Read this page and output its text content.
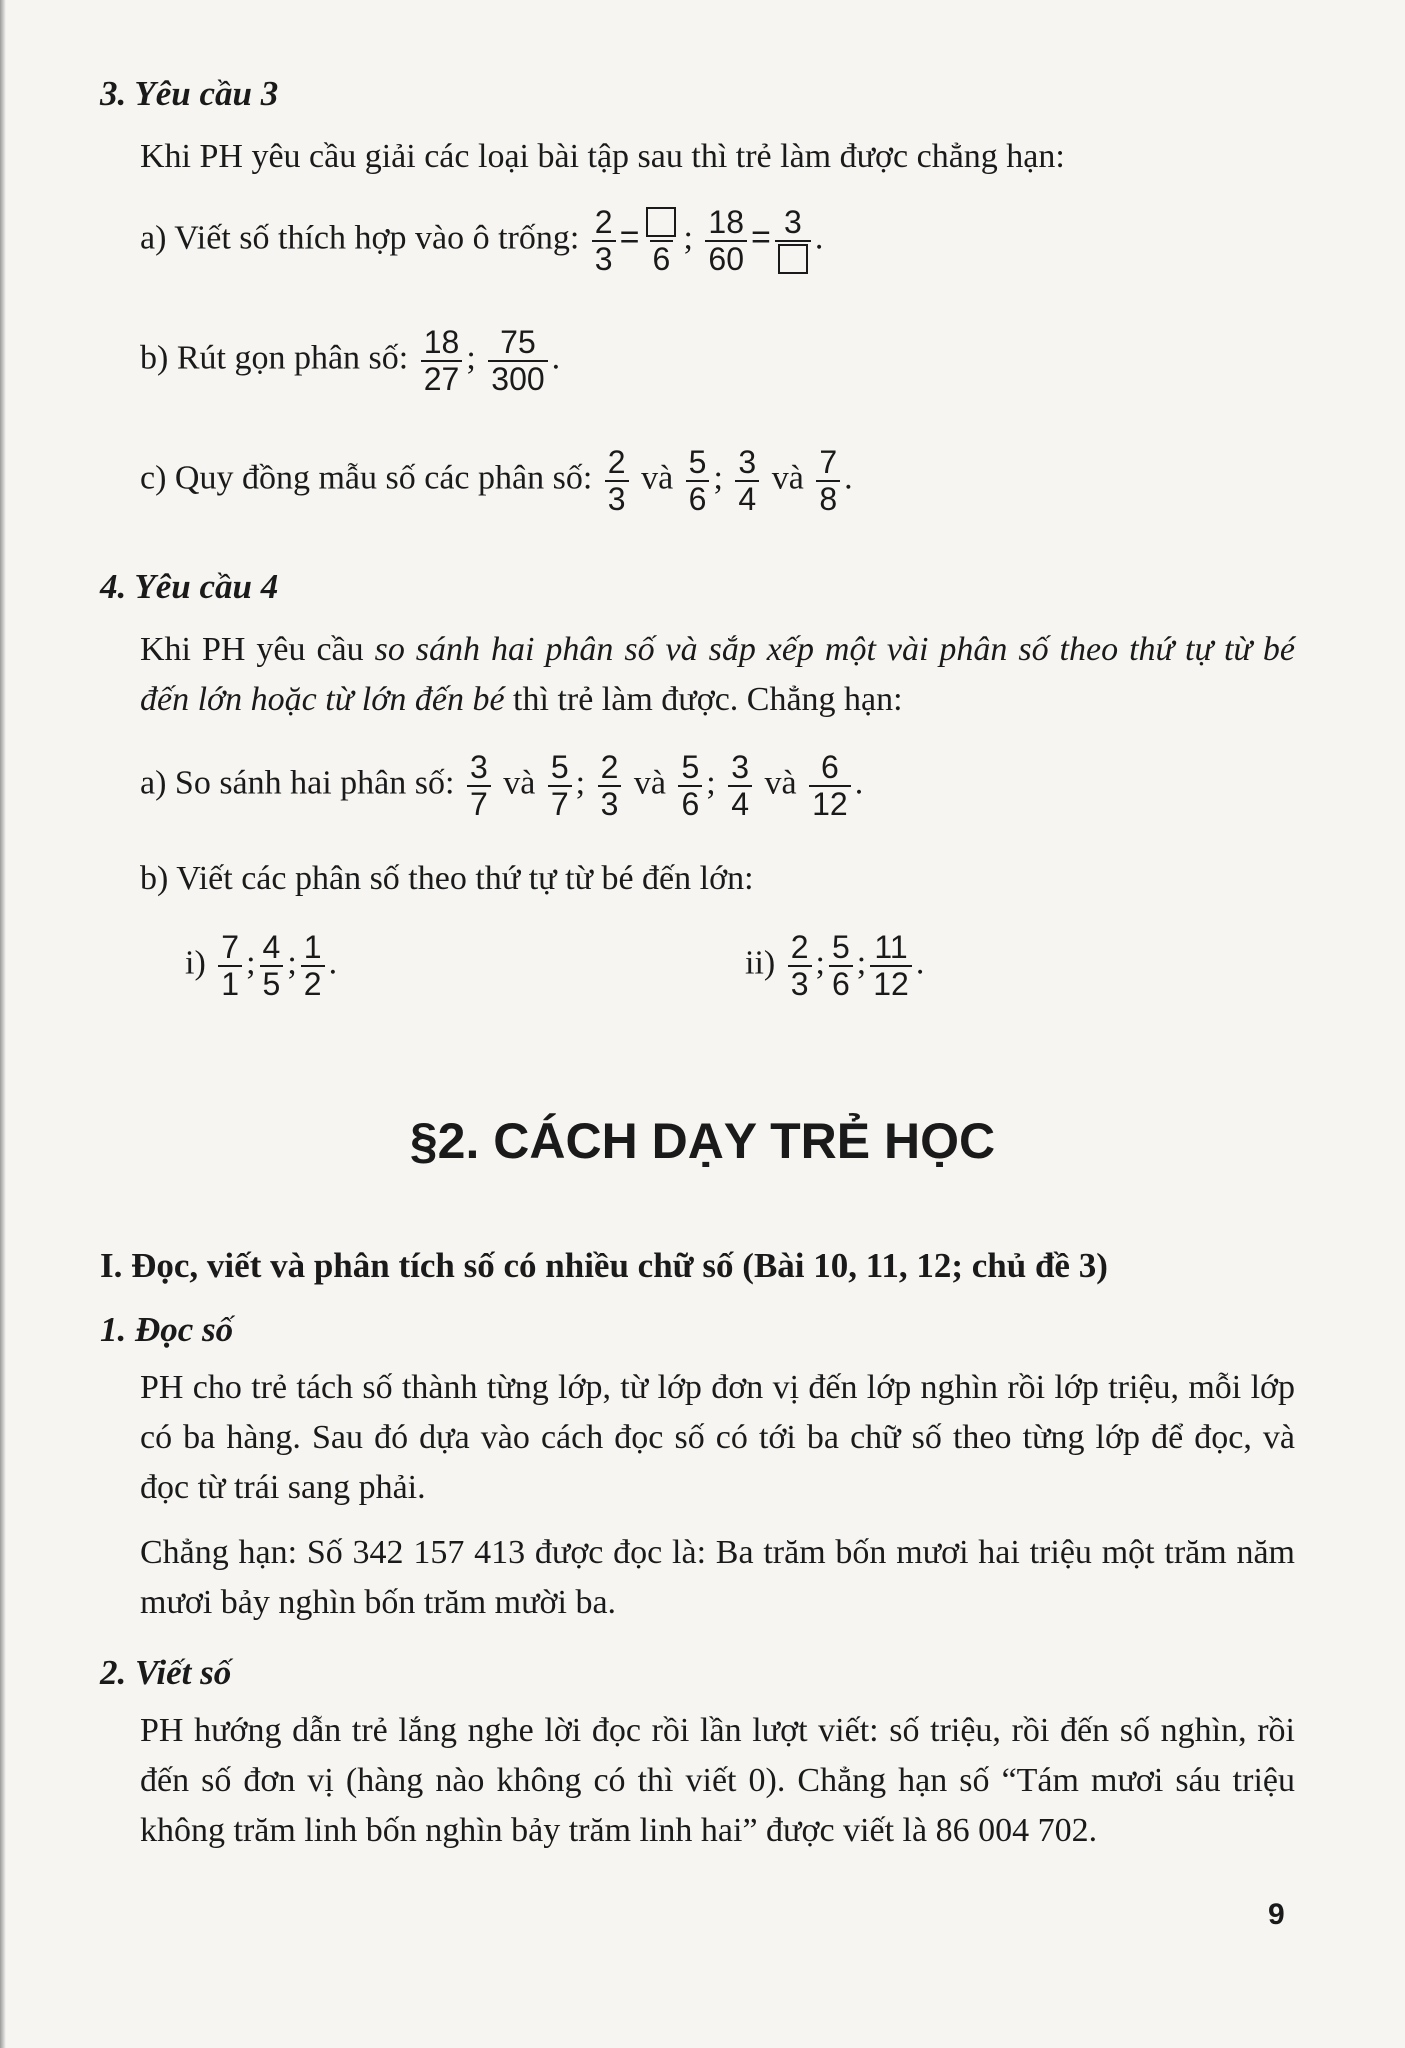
3. Yêu cầu 3
Khi PH yêu cầu giải các loại bài tập sau thì trẻ làm được chẳng hạn:
a) Viết số thích hợp vào ô trống: $\frac{2}{3}$ =
6
; $\frac{18}{60} = 3$ .
b) Rút gọn phân số: $\frac{18}{27}$ ; $\frac{75}{300}$ .
c) Quy đồng mẫu số các phân số: $\frac{2}{3}$ và $\frac{5}{6}$ ; $\frac{3}{4}$ và $\frac{7}{8}$ .
4. Yêu cầu 4
Khi PH yêu cầu so sánh hai phân số và sắp xếp một vài phân số theo thứ tự từ bé đến lớn hoặc từ lớn đến bé thì trẻ làm được. Chẳng hạn:
a) So sánh hai phân số: $\frac{3}{7}$ và $\frac{5}{7}$ ; $\frac{2}{3}$ và $\frac{5}{6}$ ; $\frac{3}{4}$ và $\frac{6}{12}$ .
b) Viết các phân số theo thứ tự từ bé đến lớn:
$i) \frac{7}{1}$ ; $\frac{4}{5}$ ; $\frac{1}{2}$ .	$ii) \frac{2}{3}$ ; $\frac{5}{6}$ ; $\frac{11}{12}$ .
§2. CÁCH DẠY TRẺ HỌC
I. Đọc, viết và phân tích số có nhiều chữ số (Bài 10, 11, 12; chủ đề 3)
1. Đọc số
PH cho trẻ tách số thành từng lớp, từ lớp đơn vị đến lớp nghìn rồi lớp triệu, mỗi lớp có ba hàng. Sau đó dựa vào cách đọc số có tới ba chữ số theo từng lớp để đọc, và đọc từ trái sang phải.
Chẳng hạn: Số 342 157 413 được đọc là: Ba trăm bốn mươi hai triệu một trăm năm mươi bảy nghìn bốn trăm mười ba.
2. Viết số
PH hướng dẫn trẻ lắng nghe lời đọc rồi lần lượt viết: số triệu, rồi đến số nghìn, rồi đến số đơn vị (hàng nào không có thì viết 0). Chẳng hạn số “Tám mươi sáu triệu không trăm linh bốn nghìn bảy trăm linh hai” được viết là 86 004 702.
9
